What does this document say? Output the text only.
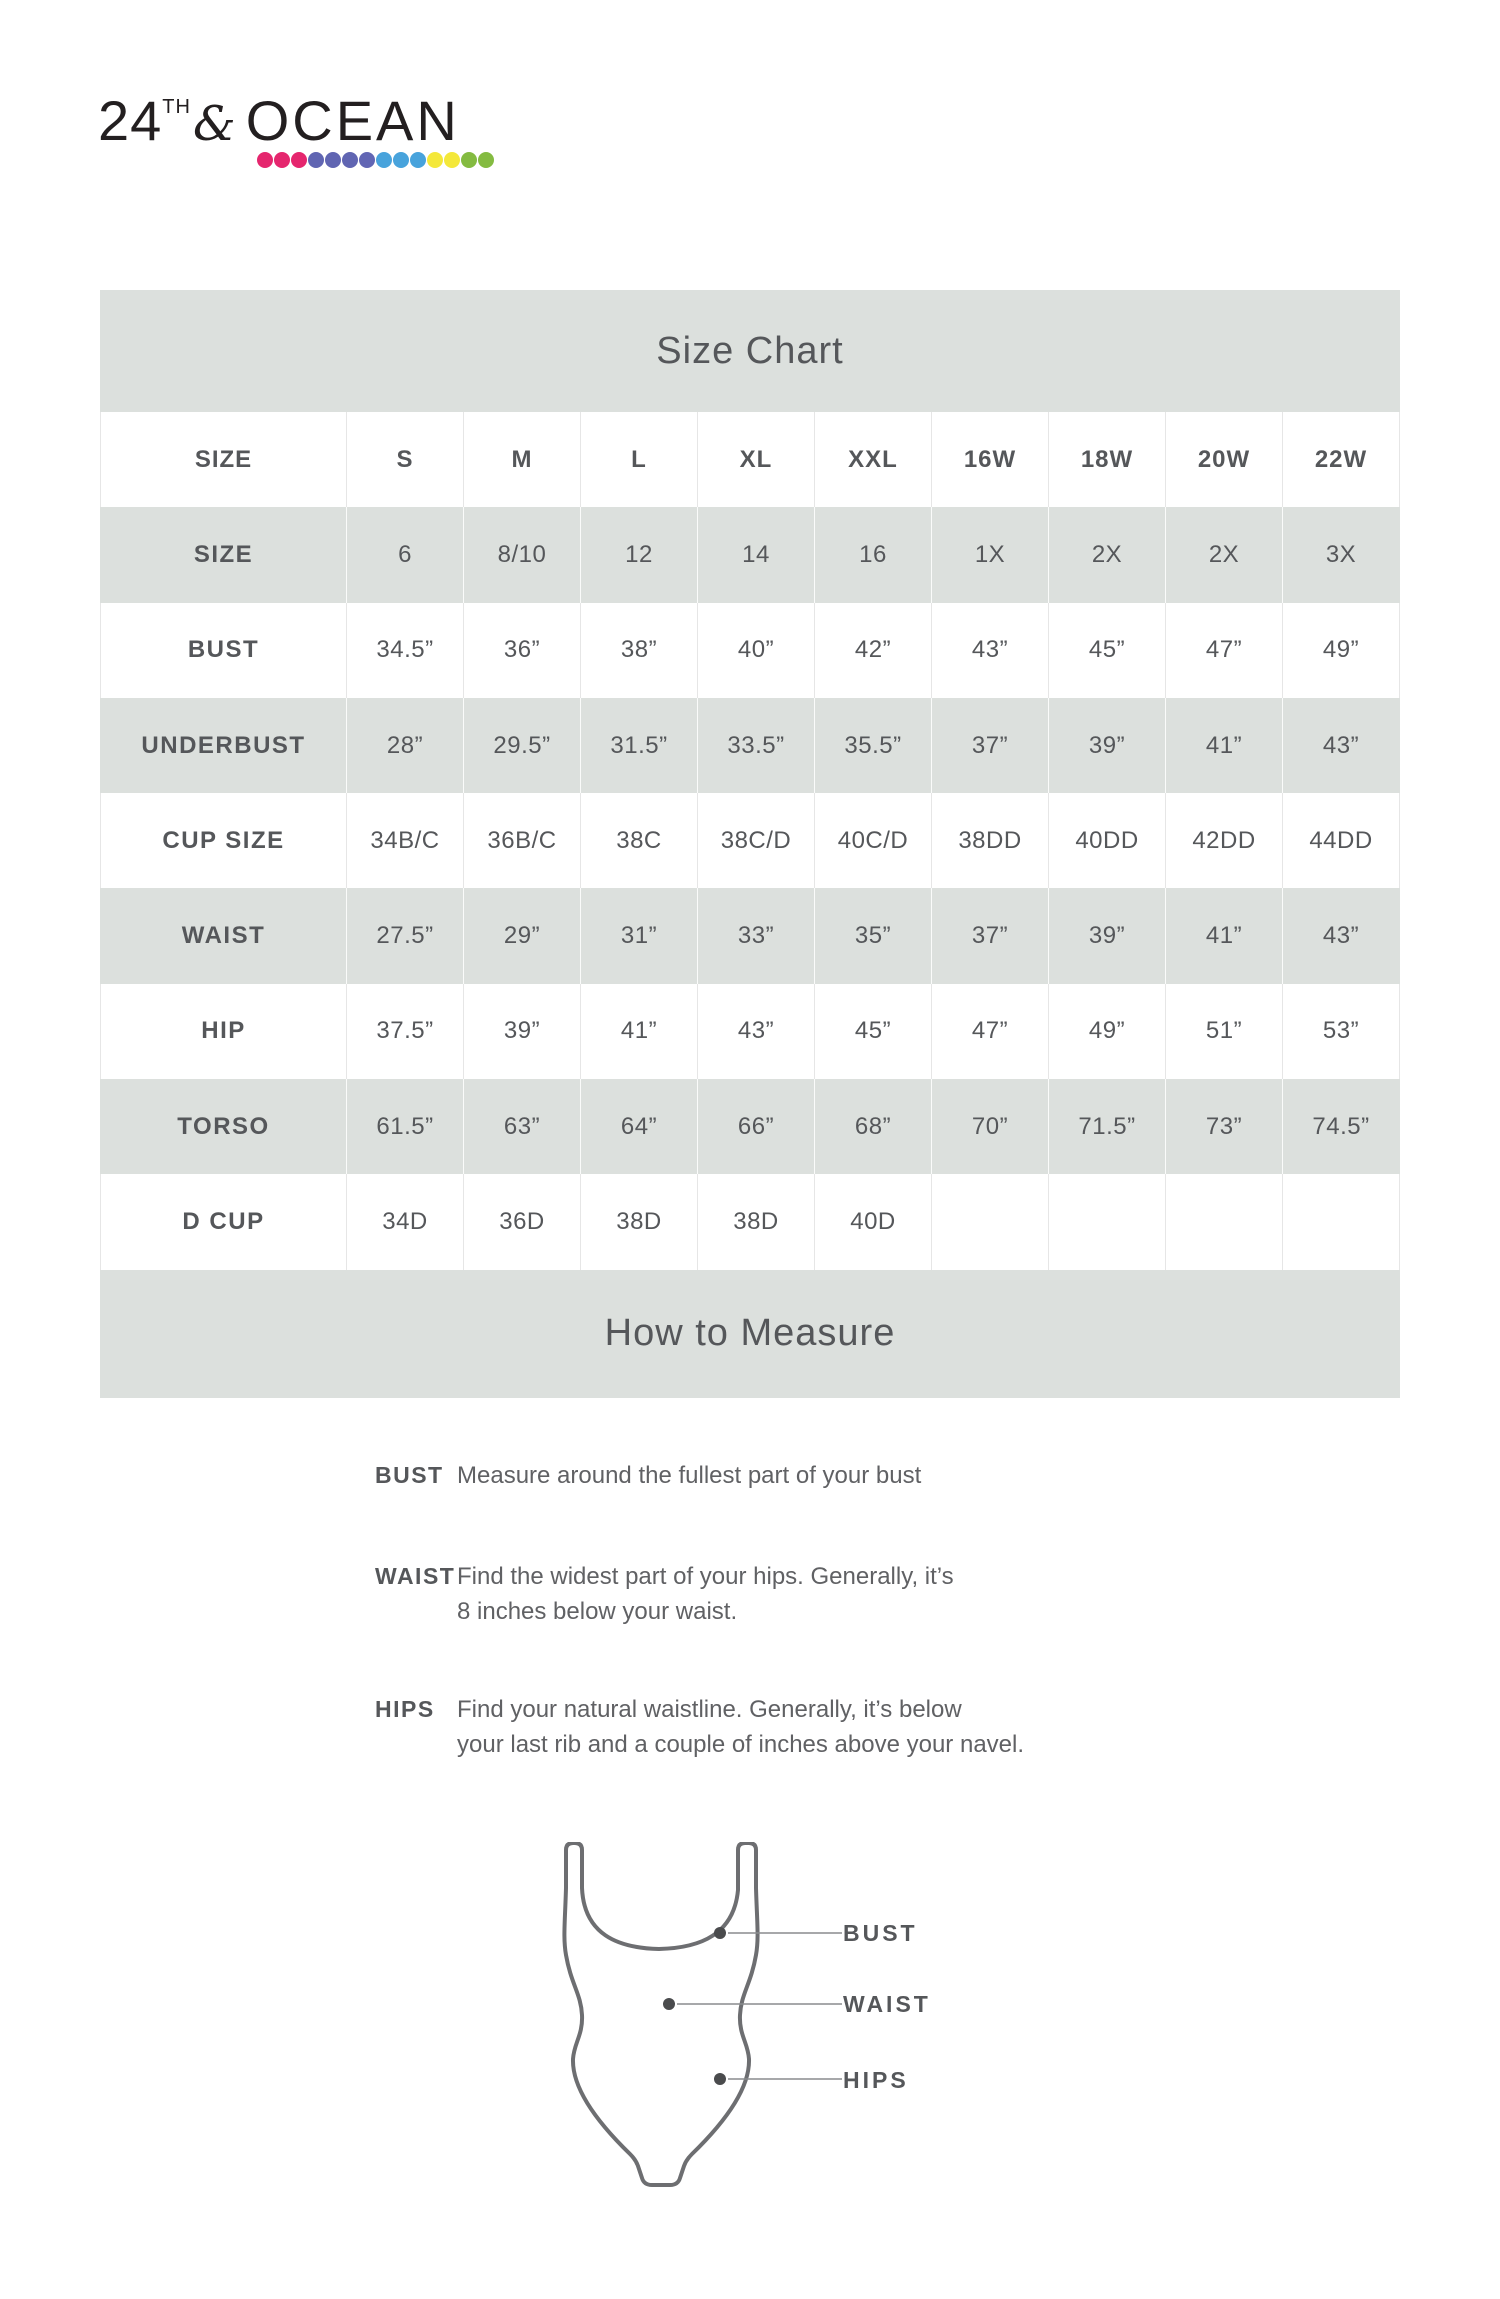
24TH& OCEAN
Size Chart
SIZE	S	M	L	XL	XXL	16W	18W	20W	22W
SIZE	6	8/10	12	14	16	1X	2X	2X	3X
BUST	34.5”	36”	38”	40”	42”	43”	45”	47”	49”
UNDERBUST	28”	29.5”	31.5”	33.5”	35.5”	37”	39”	41”	43”
CUP SIZE	34B/C	36B/C	38C	38C/D	40C/D	38DD	40DD	42DD	44DD
WAIST	27.5”	29”	31”	33”	35”	37”	39”	41”	43”
HIP	37.5”	39”	41”	43”	45”	47”	49”	51”	53”
TORSO	61.5”	63”	64”	66”	68”	70”	71.5”	73”	74.5”
D CUP	34D	36D	38D	38D	40D
How to Measure
BUST Measure around the fullest part of your bust
WAIST Find the widest part of your hips. Generally, it’s
8 inches below your waist.
HIPS Find your natural waistline. Generally, it’s below
your last rib and a couple of inches above your navel.
BUST
WAIST
HIPS
